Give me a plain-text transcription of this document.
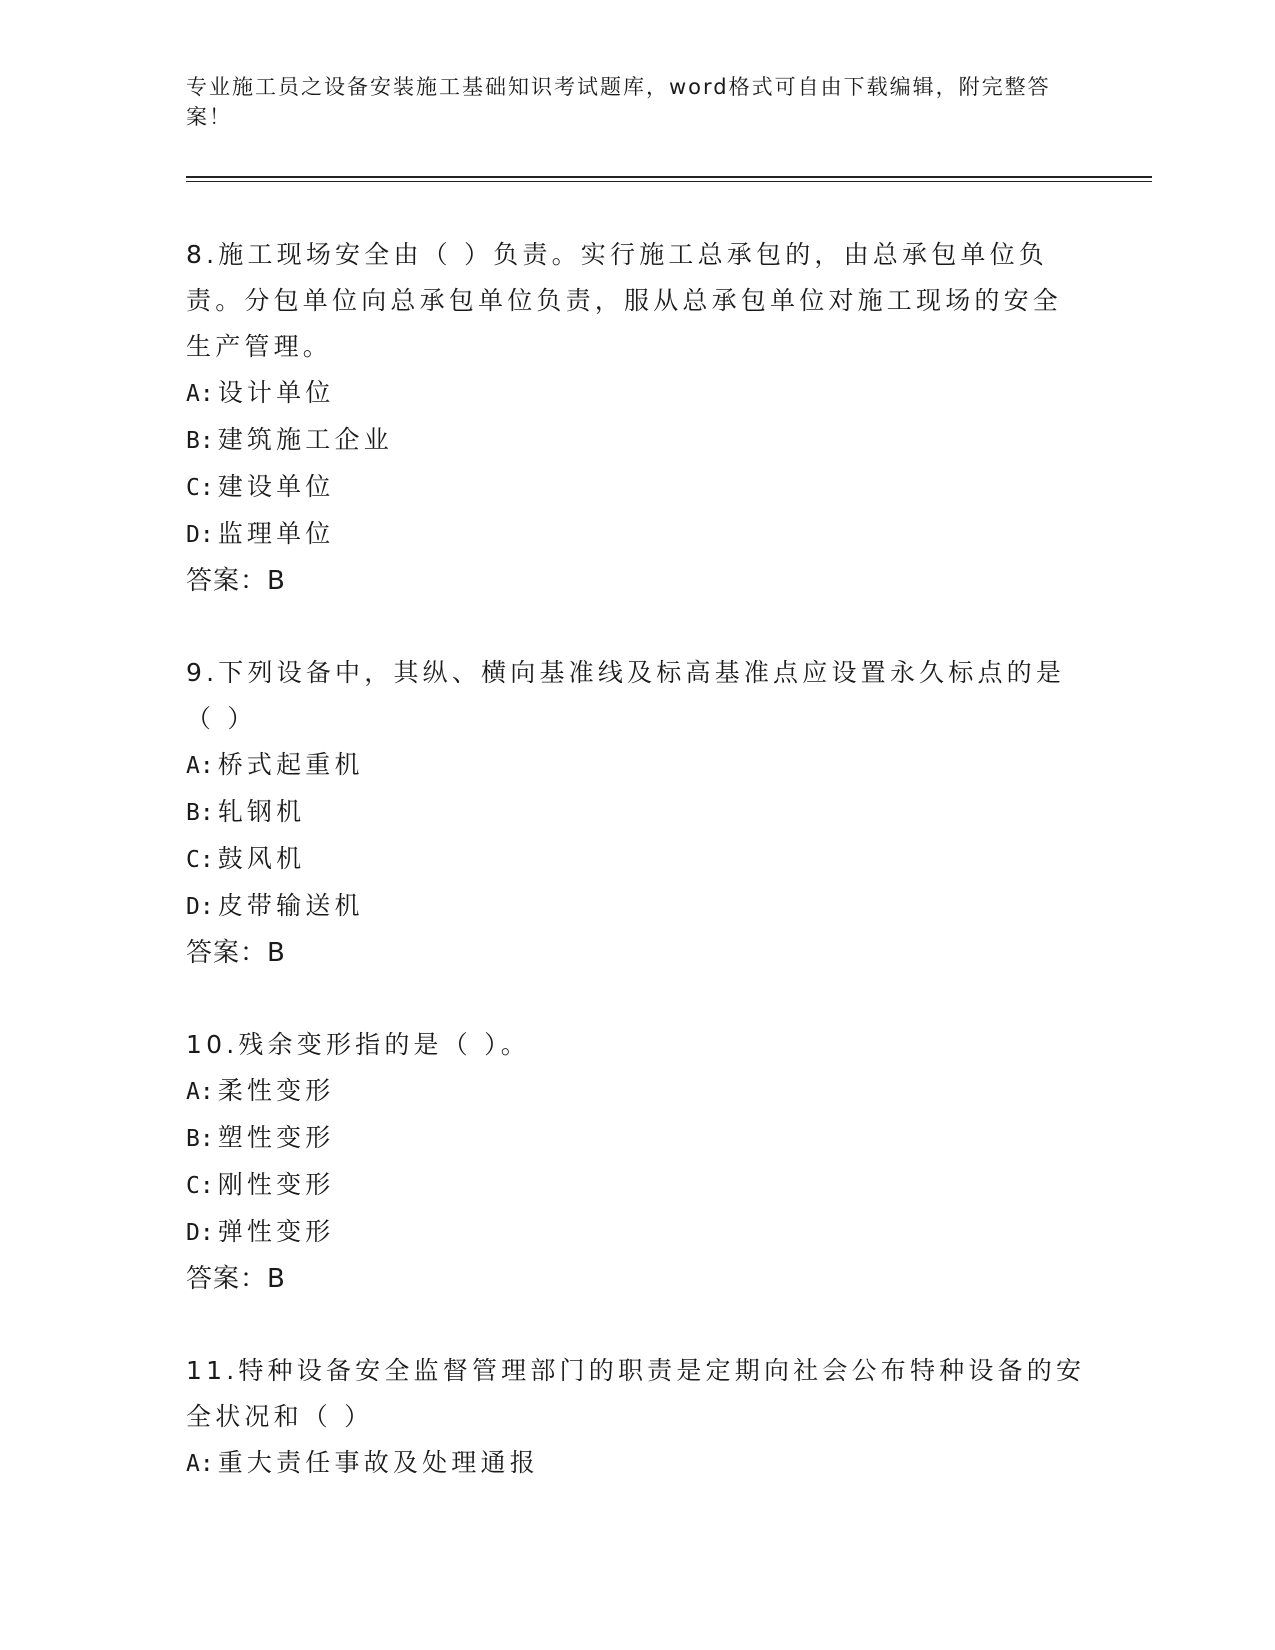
专业施工员之设备安装施工基础知识考试题库，word格式可自由下载编辑，附完整答案！

8.施工现场安全由（ ）负责。实行施工总承包的，由总承包单位负责。分包单位向总承包单位负责，服从总承包单位对施工现场的安全生产管理。

A: 设计单位
B: 建筑施工企业
C: 建设单位
D: 监理单位
答案：B

9.下列设备中，其纵、横向基准线及标高基准点应设置永久标点的是（ ）

A: 桥式起重机
B: 轧钢机
C: 鼓风机
D: 皮带输送机
答案：B

10.残余变形指的是（ ）。

A: 柔性变形
B: 塑性变形
C: 刚性变形
D: 弹性变形
答案：B

11.特种设备安全监督管理部门的职责是定期向社会公布特种设备的安全状况和（ ）

A: 重大责任事故及处理通报
